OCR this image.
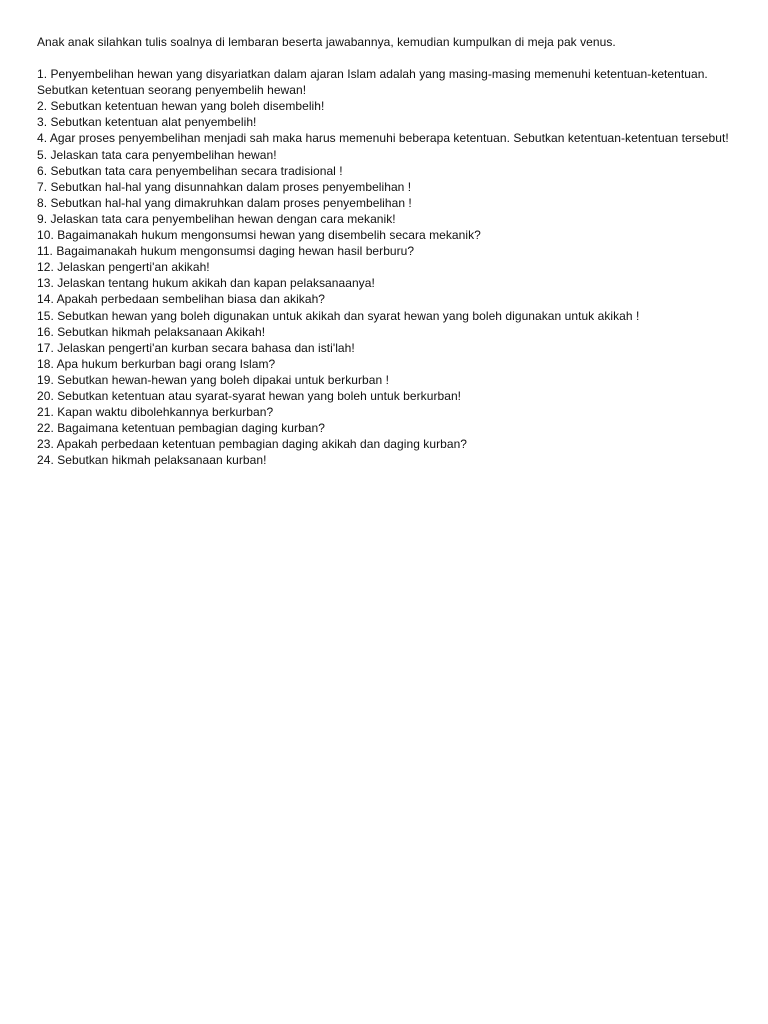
Anak anak silahkan tulis soalnya di lembaran beserta jawabannya, kemudian kumpulkan di meja pak venus.

1. Penyembelihan hewan yang disyariatkan dalam ajaran Islam adalah yang masing-masing memenuhi ketentuan-ketentuan. Sebutkan ketentuan seorang penyembelih hewan!
2. Sebutkan ketentuan hewan yang boleh disembelih!
3. Sebutkan ketentuan alat penyembelih!
4. Agar proses penyembelihan menjadi sah maka harus memenuhi beberapa ketentuan. Sebutkan ketentuan-ketentuan tersebut!
5. Jelaskan tata cara penyembelihan hewan!
6. Sebutkan tata cara penyembelihan secara tradisional !
7. Sebutkan hal-hal yang disunnahkan dalam proses penyembelihan !
8. Sebutkan hal-hal yang dimakruhkan dalam proses penyembelihan !
9. Jelaskan tata cara penyembelihan hewan dengan cara mekanik!
10. Bagaimanakah hukum mengonsumsi hewan yang disembelih secara mekanik?
11. Bagaimanakah hukum mengonsumsi daging hewan hasil berburu?
12. Jelaskan pengerti'an akikah!
13. Jelaskan tentang hukum akikah dan kapan pelaksanaanya!
14. Apakah perbedaan sembelihan biasa dan akikah?
15. Sebutkan hewan yang boleh digunakan untuk akikah dan syarat hewan yang boleh digunakan untuk akikah !
16. Sebutkan hikmah pelaksanaan Akikah!
17. Jelaskan pengerti'an kurban secara bahasa dan isti'lah!
18. Apa hukum berkurban bagi orang Islam?
19. Sebutkan hewan-hewan yang boleh dipakai untuk berkurban !
20. Sebutkan ketentuan atau syarat-syarat hewan yang boleh untuk berkurban!
21. Kapan waktu dibolehkannya berkurban?
22. Bagaimana ketentuan pembagian daging kurban?
23. Apakah perbedaan ketentuan pembagian daging akikah dan daging kurban?
24. Sebutkan hikmah pelaksanaan kurban!
